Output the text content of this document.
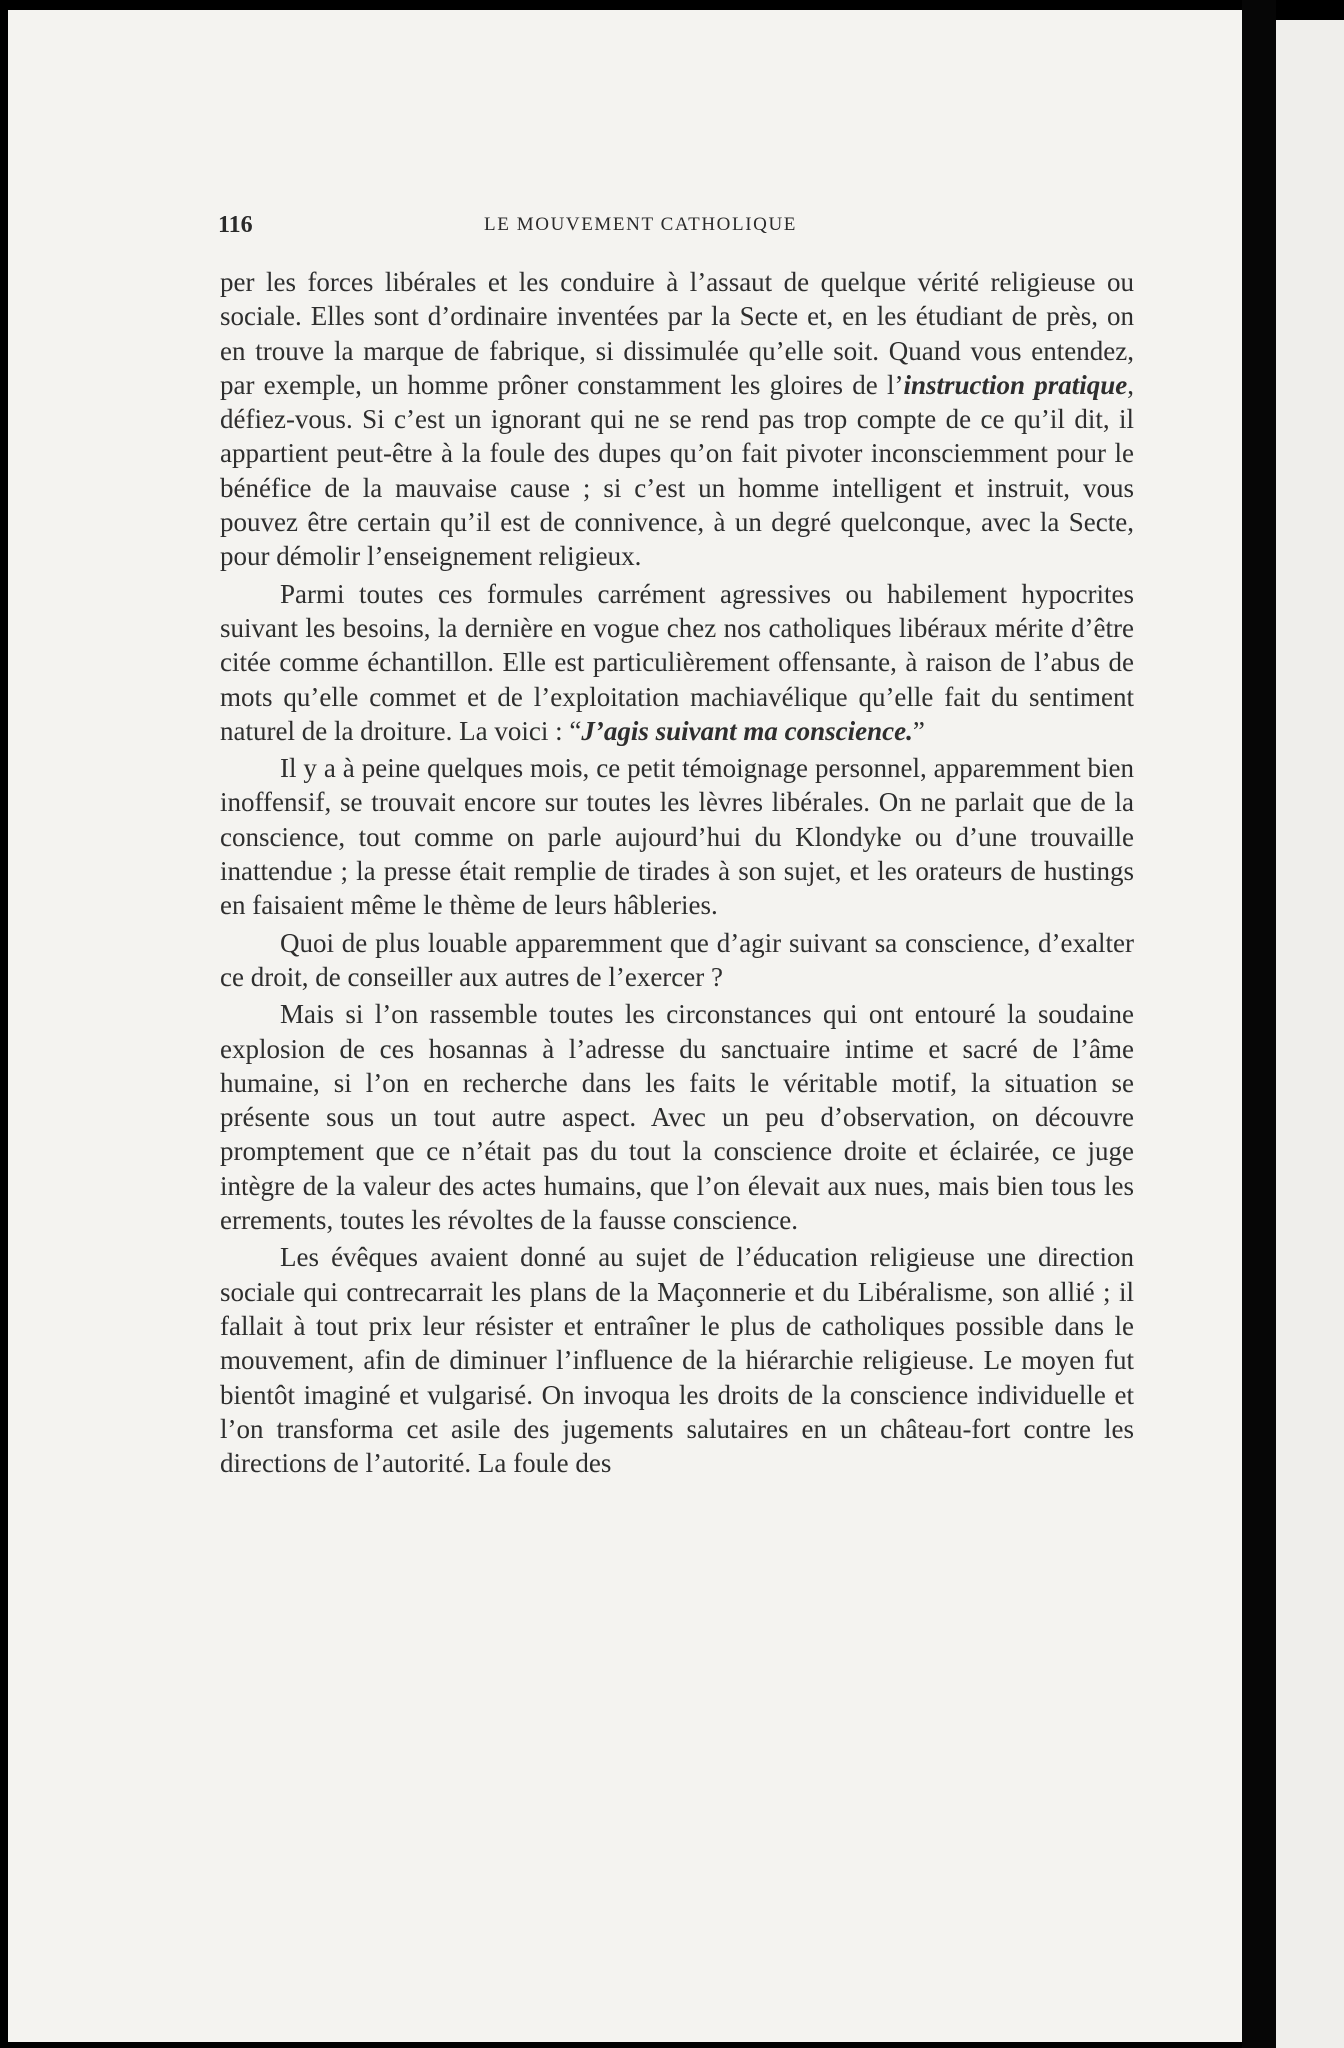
116	LE MOUVEMENT CATHOLIQUE

per les forces libérales et les conduire à l’assaut de quelque vérité religieuse ou sociale. Elles sont d’ordinaire inventées par la Secte et, en les étudiant de près, on en trouve la marque de fabrique, si dissimulée qu’elle soit. Quand vous entendez, par exemple, un homme prôner constamment les gloires de l’instruction pratique, défiez-vous. Si c’est un ignorant qui ne se rend pas trop compte de ce qu’il dit, il appartient peut-être à la foule des dupes qu’on fait pivoter inconsciemment pour le bénéfice de la mauvaise cause ; si c’est un homme intelligent et instruit, vous pouvez être certain qu’il est de connivence, à un degré quelconque, avec la Secte, pour démolir l’enseignement religieux.

Parmi toutes ces formules carrément agressives ou habilement hypocrites suivant les besoins, la dernière en vogue chez nos catholiques libéraux mérite d’être citée comme échantillon. Elle est particulièrement offensante, à raison de l’abus de mots qu’elle commet et de l’exploitation machiavélique qu’elle fait du sentiment naturel de la droiture. La voici : “J’agis suivant ma conscience.”

Il y a à peine quelques mois, ce petit témoignage personnel, apparemment bien inoffensif, se trouvait encore sur toutes les lèvres libérales. On ne parlait que de la conscience, tout comme on parle aujourd’hui du Klondyke ou d’une trouvaille inattendue ; la presse était remplie de tirades à son sujet, et les orateurs de hustings en faisaient même le thème de leurs hâbleries.

Quoi de plus louable apparemment que d’agir suivant sa conscience, d’exalter ce droit, de conseiller aux autres de l’exercer ?

Mais si l’on rassemble toutes les circonstances qui ont entouré la soudaine explosion de ces hosannas à l’adresse du sanctuaire intime et sacré de l’âme humaine, si l’on en recherche dans les faits le véritable motif, la situation se présente sous un tout autre aspect. Avec un peu d’observation, on découvre promptement que ce n’était pas du tout la conscience droite et éclairée, ce juge intègre de la valeur des actes humains, que l’on élevait aux nues, mais bien tous les errements, toutes les révoltes de la fausse conscience.

Les évêques avaient donné au sujet de l’éducation religieuse une direction sociale qui contrecarrait les plans de la Maçonnerie et du Libéralisme, son allié ; il fallait à tout prix leur résister et entraîner le plus de catholiques possible dans le mouvement, afin de diminuer l’influence de la hiérarchie religieuse. Le moyen fut bientôt imaginé et vulgarisé. On invoqua les droits de la conscience individuelle et l’on transforma cet asile des jugements salutaires en un château-fort contre les directions de l’autorité. La foule des
